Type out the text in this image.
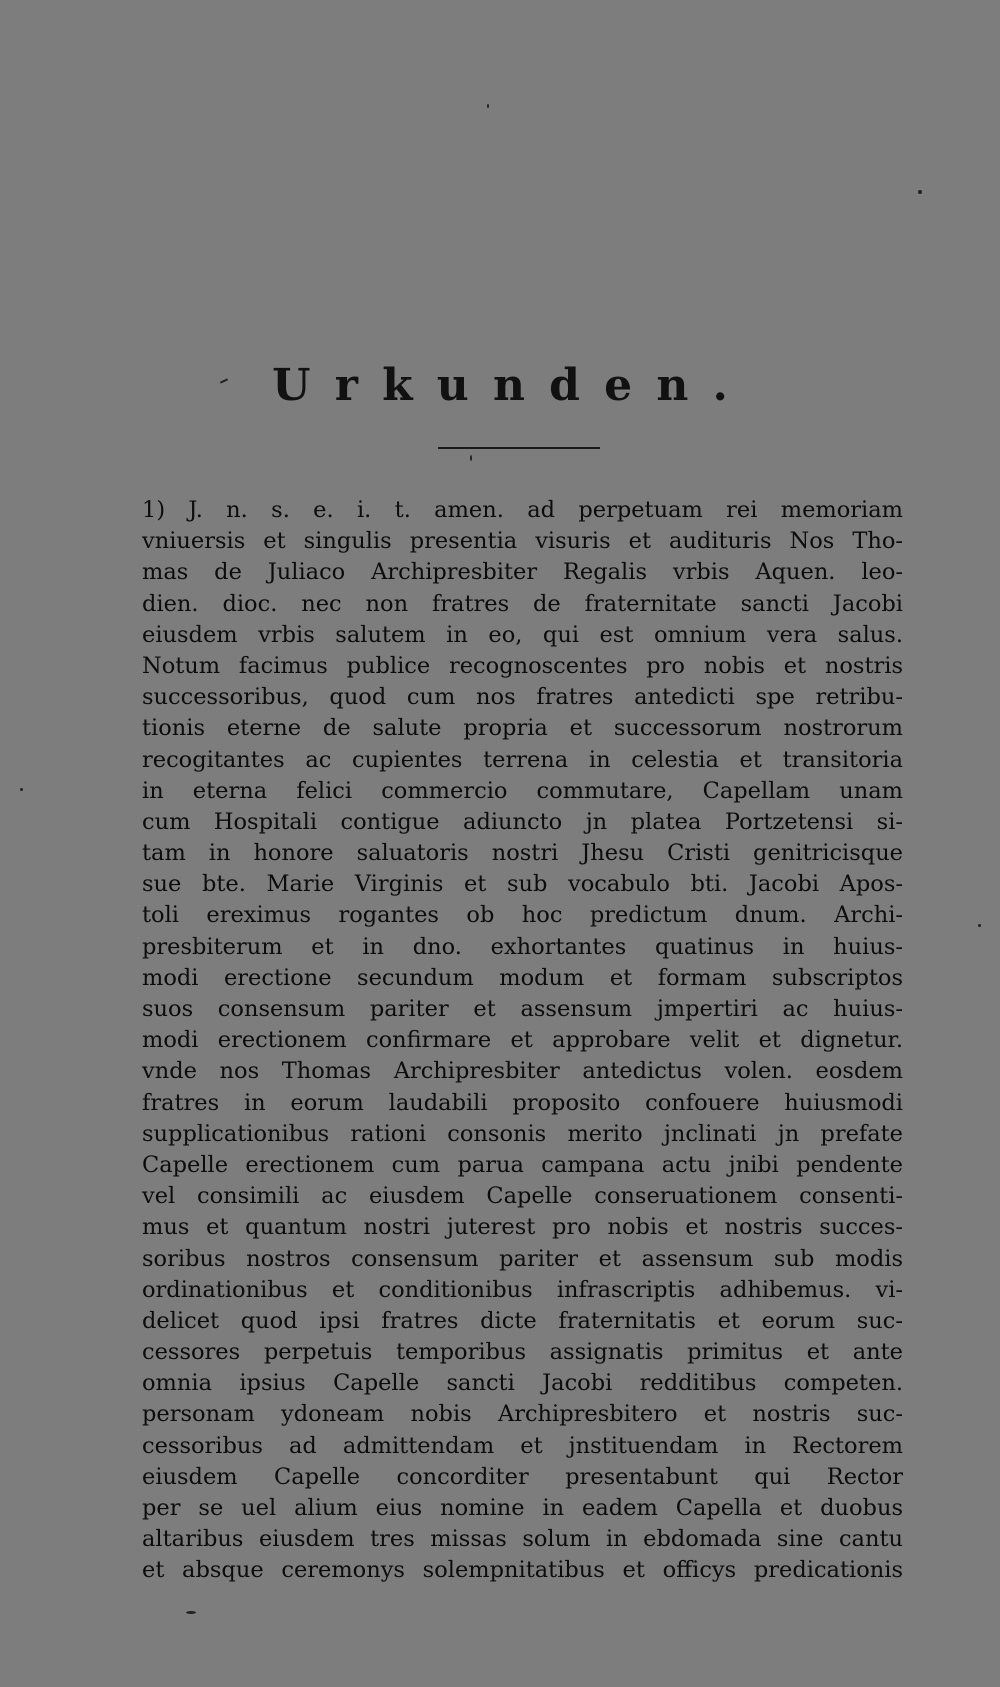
Urkunden.
1) J. n. s. e. i. t. amen. ad perpetuam rei memoriam
vniuersis et singulis presentia visuris et audituris Nos Tho-
mas de Juliaco Archipresbiter Regalis vrbis Aquen. leo-
dien. dioc. nec non fratres de fraternitate sancti Jacobi
eiusdem vrbis salutem in eo, qui est omnium vera salus.
Notum facimus publice recognoscentes pro nobis et nostris
successoribus, quod cum nos fratres antedicti spe retribu-
tionis eterne de salute propria et successorum nostrorum
recogitantes ac cupientes terrena in celestia et transitoria
in eterna felici commercio commutare, Capellam unam
cum Hospitali contigue adiuncto jn platea Portzetensi si-
tam in honore saluatoris nostri Jhesu Cristi genitricisque
sue bte. Marie Virginis et sub vocabulo bti. Jacobi Apos-
toli ereximus rogantes ob hoc predictum dnum. Archi-
presbiterum et in dno. exhortantes quatinus in huius-
modi erectione secundum modum et formam subscriptos
suos consensum pariter et assensum jmpertiri ac huius-
modi erectionem confirmare et approbare velit et dignetur.
vnde nos Thomas Archipresbiter antedictus volen. eosdem
fratres in eorum laudabili proposito confouere huiusmodi
supplicationibus rationi consonis merito jnclinati jn prefate
Capelle erectionem cum parua campana actu jnibi pendente
vel consimili ac eiusdem Capelle conseruationem consenti-
mus et quantum nostri juterest pro nobis et nostris succes-
soribus nostros consensum pariter et assensum sub modis
ordinationibus et conditionibus infrascriptis adhibemus. vi-
delicet quod ipsi fratres dicte fraternitatis et eorum suc-
cessores perpetuis temporibus assignatis primitus et ante
omnia ipsius Capelle sancti Jacobi redditibus competen.
personam ydoneam nobis Archipresbitero et nostris suc-
cessoribus ad admittendam et jnstituendam in Rectorem
eiusdem Capelle concorditer presentabunt qui Rector
per se uel alium eius nomine in eadem Capella et duobus
altaribus eiusdem tres missas solum in ebdomada sine cantu
et absque ceremonys solempnitatibus et officys predicationis
